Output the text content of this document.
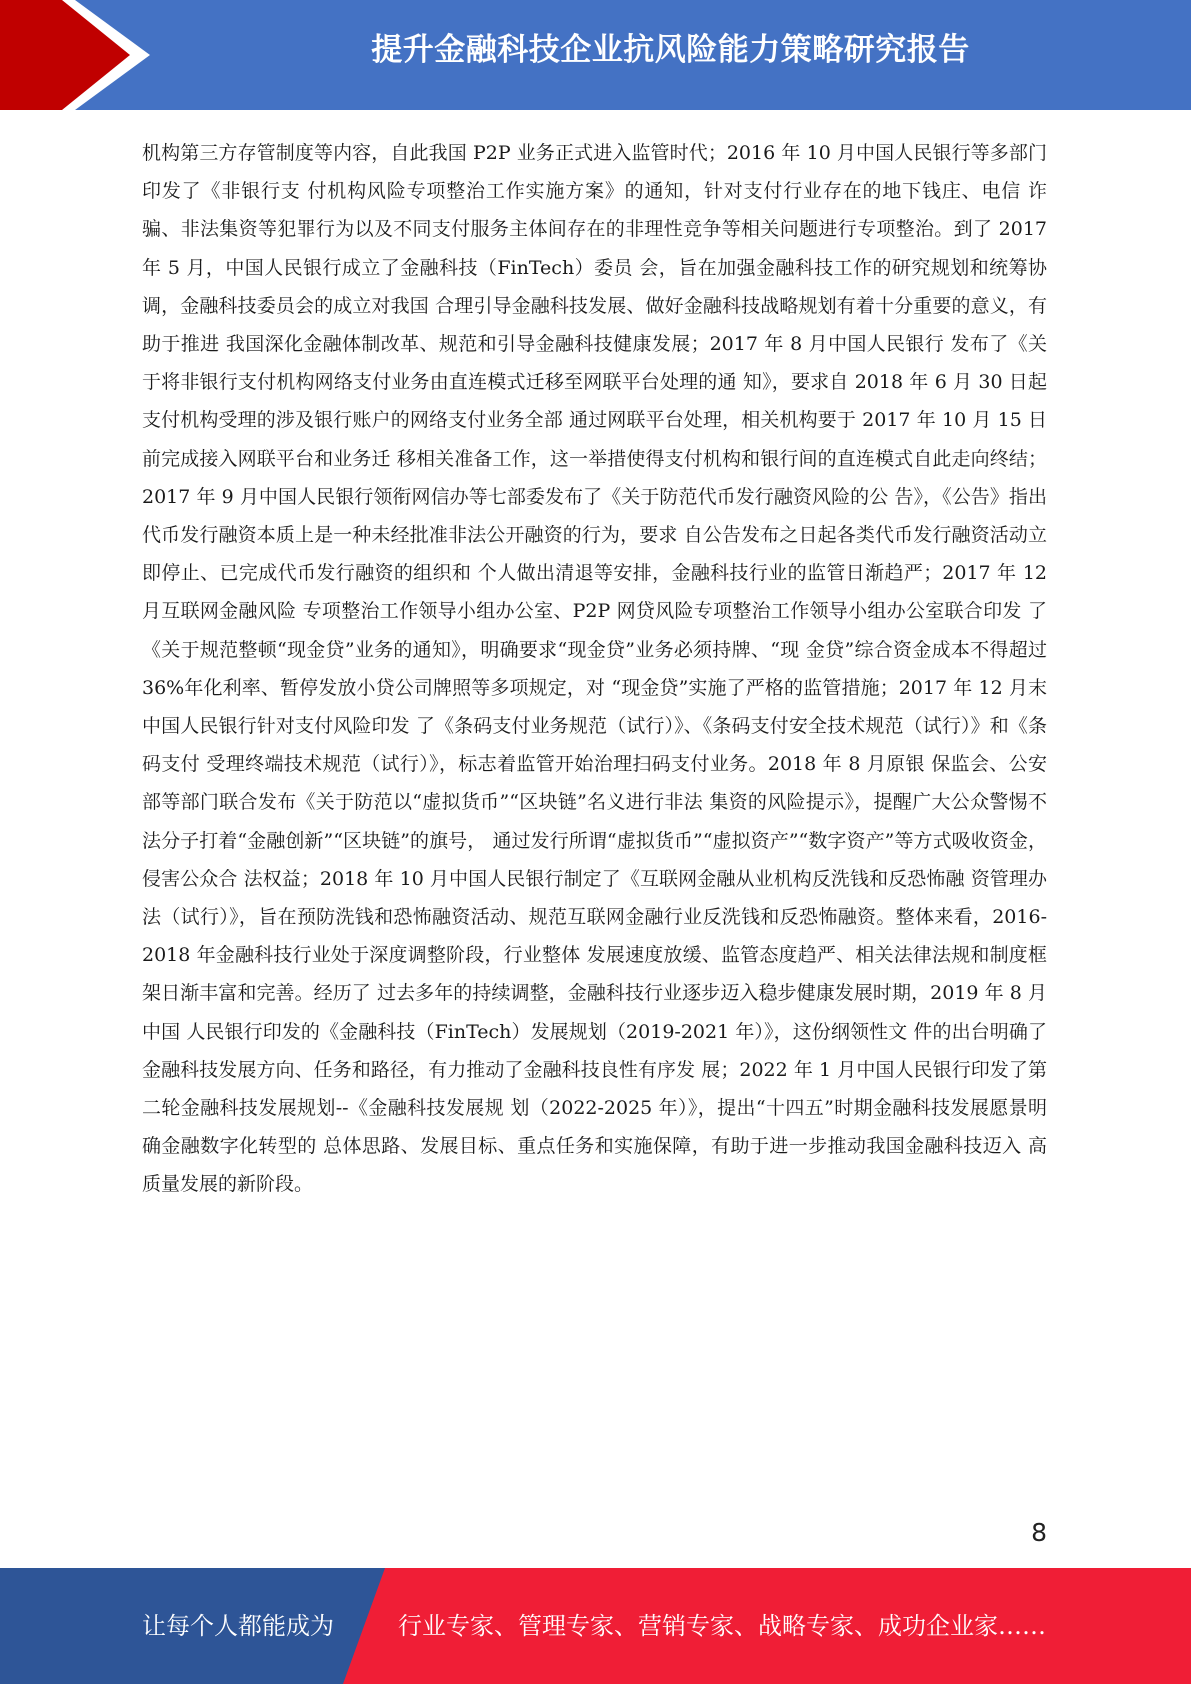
提升金融科技企业抗风险能力策略研究报告

机构第三方存管制度等内容，自此我国 P2P 业务正式进入监管时代；2016 年 10 月中国人民银行等多部门印发了《非银行支 付机构风险专项整治工作实施方案》的通知，针对支付行业存在的地下钱庄、电信 诈骗、非法集资等犯罪行为以及不同支付服务主体间存在的非理性竞争等相关问题进行专项整治。到了 2017 年 5 月，中国人民银行成立了金融科技（FinTech）委员 会，旨在加强金融科技工作的研究规划和统筹协调，金融科技委员会的成立对我国 合理引导金融科技发展、做好金融科技战略规划有着十分重要的意义，有助于推进 我国深化金融体制改革、规范和引导金融科技健康发展；2017 年 8 月中国人民银行 发布了《关于将非银行支付机构网络支付业务由直连模式迁移至网联平台处理的通 知》，要求自 2018 年 6 月 30 日起支付机构受理的涉及银行账户的网络支付业务全部 通过网联平台处理，相关机构要于 2017 年 10 月 15 日前完成接入网联平台和业务迁 移相关准备工作，这一举措使得支付机构和银行间的直连模式自此走向终结；2017 年 9 月中国人民银行领衔网信办等七部委发布了《关于防范代币发行融资风险的公 告》，《公告》指出代币发行融资本质上是一种未经批准非法公开融资的行为，要求 自公告发布之日起各类代币发行融资活动立即停止、已完成代币发行融资的组织和 个人做出清退等安排，金融科技行业的监管日渐趋严；2017 年 12 月互联网金融风险 专项整治工作领导小组办公室、P2P 网贷风险专项整治工作领导小组办公室联合印发 了《关于规范整顿“现金贷”业务的通知》，明确要求“现金贷”业务必须持牌、“现 金贷”综合资金成本不得超过 36%年化利率、暂停发放小贷公司牌照等多项规定，对 “现金贷”实施了严格的监管措施；2017 年 12 月末中国人民银行针对支付风险印发 了《条码支付业务规范（试行）》、《条码支付安全技术规范（试行）》和《条码支付 受理终端技术规范（试行）》，标志着监管开始治理扫码支付业务。2018 年 8 月原银 保监会、公安部等部门联合发布《关于防范以“虚拟货币”“区块链”名义进行非法 集资的风险提示》，提醒广大公众警惕不法分子打着“金融创新”“区块链”的旗号， 通过发行所谓“虚拟货币”“虚拟资产”“数字资产”等方式吸收资金，侵害公众合 法权益；2018 年 10 月中国人民银行制定了《互联网金融从业机构反洗钱和反恐怖融 资管理办法（试行）》，旨在预防洗钱和恐怖融资活动、规范互联网金融行业反洗钱和反恐怖融资。整体来看，2016-2018 年金融科技行业处于深度调整阶段，行业整体 发展速度放缓、监管态度趋严、相关法律法规和制度框架日渐丰富和完善。经历了 过去多年的持续调整，金融科技行业逐步迈入稳步健康发展时期，2019 年 8 月中国 人民银行印发的《金融科技（FinTech）发展规划（2019-2021 年）》，这份纲领性文 件的出台明确了金融科技发展方向、任务和路径，有力推动了金融科技良性有序发 展；2022 年 1 月中国人民银行印发了第二轮金融科技发展规划--《金融科技发展规 划（2022-2025 年）》，提出“十四五”时期金融科技发展愿景明确金融数字化转型的 总体思路、发展目标、重点任务和实施保障，有助于进一步推动我国金融科技迈入 高质量发展的新阶段。

8
让每个人都能成为	行业专家、管理专家、营销专家、战略专家、成功企业家……
